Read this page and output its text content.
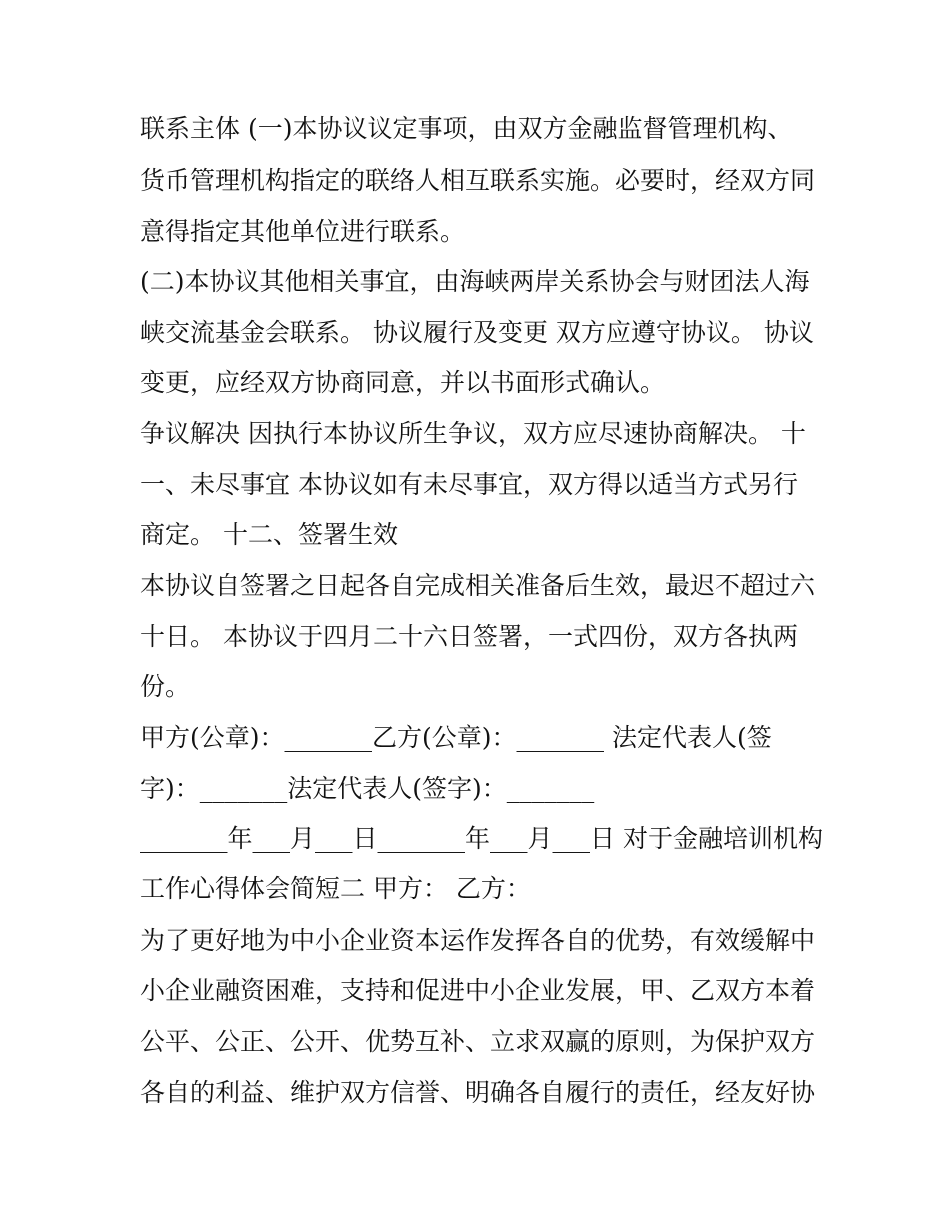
联系主体 (一)本协议议定事项，由双方金融监督管理机构、
货币管理机构指定的联络人相互联系实施。必要时，经双方同
意得指定其他单位进行联系。
(二)本协议其他相关事宜，由海峡两岸关系协会与财团法人海
峡交流基金会联系。 协议履行及变更 双方应遵守协议。 协议
变更，应经双方协商同意，并以书面形式确认。
争议解决 因执行本协议所生争议，双方应尽速协商解决。 十
一、未尽事宜 本协议如有未尽事宜，双方得以适当方式另行
商定。 十二、签署生效
本协议自签署之日起各自完成相关准备后生效，最迟不超过六
十日。 本协议于四月二十六日签署，一式四份，双方各执两
份。
甲方(公章)：_______乙方(公章)：_______ 法定代表人(签
字)：_______法定代表人(签字)：_______
_______年___月___日_______年___月___日 对于金融培训机构
工作心得体会简短二 甲方： 乙方：
为了更好地为中小企业资本运作发挥各自的优势，有效缓解中
小企业融资困难，支持和促进中小企业发展，甲、乙双方本着
公平、公正、公开、优势互补、立求双赢的原则，为保护双方
各自的利益、维护双方信誉、明确各自履行的责任，经友好协
